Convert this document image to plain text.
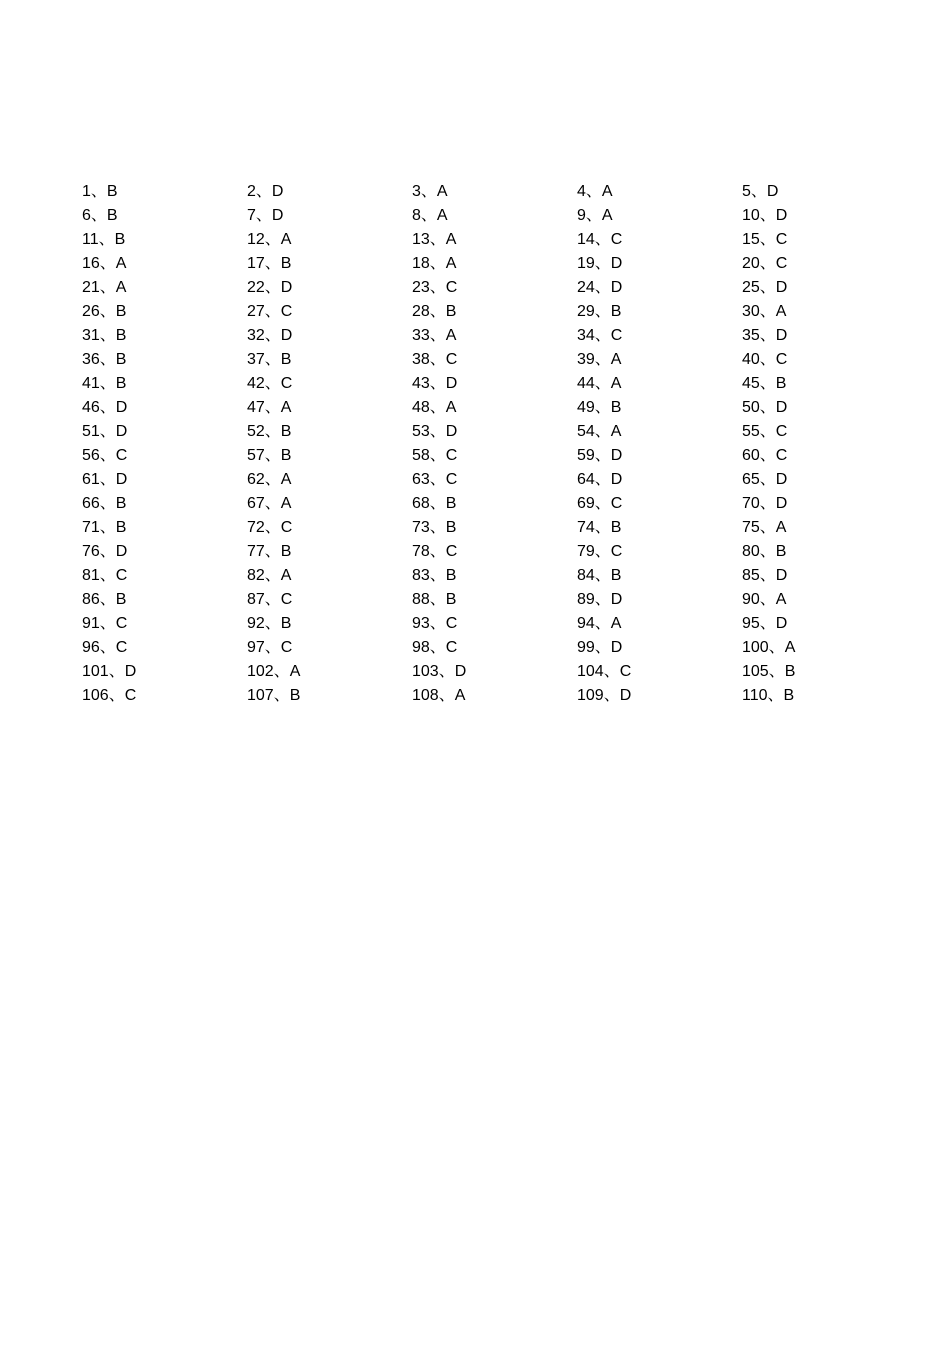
1、B	2、D	3、A	4、A	5、D
6、B	7、D	8、A	9、A	10、D
11、B	12、A	13、A	14、C	15、C
16、A	17、B	18、A	19、D	20、C
21、A	22、D	23、C	24、D	25、D
26、B	27、C	28、B	29、B	30、A
31、B	32、D	33、A	34、C	35、D
36、B	37、B	38、C	39、A	40、C
41、B	42、C	43、D	44、A	45、B
46、D	47、A	48、A	49、B	50、D
51、D	52、B	53、D	54、A	55、C
56、C	57、B	58、C	59、D	60、C
61、D	62、A	63、C	64、D	65、D
66、B	67、A	68、B	69、C	70、D
71、B	72、C	73、B	74、B	75、A
76、D	77、B	78、C	79、C	80、B
81、C	82、A	83、B	84、B	85、D
86、B	87、C	88、B	89、D	90、A
91、C	92、B	93、C	94、A	95、D
96、C	97、C	98、C	99、D	100、A
101、D	102、A	103、D	104、C	105、B
106、C	107、B	108、A	109、D	110、B
